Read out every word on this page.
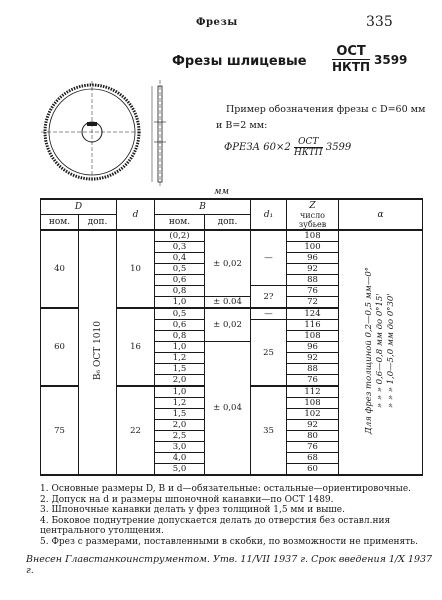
Фрезы	335
Фрезы шлицевые
ОСТ
НКТП 3599
Пример обозначения фрезы с D=60 мм
и B=2 мм:
ФРЕЗА $60\times 2 \frac{\text{ОСТ}}{\text{НКТП}} 3599$
мм
D		d	B		d₁	Z
число зубьев	α
ном.	доп.		ном.	доп.			
40	B₆ ОСТ 1010	10	(0,2)	± 0,02	—	108	Для фрез толщиной 0,2—0,5 мм—0° » » » 0,6—0,8 мм до 0°15' » » » 1,0—5,0 мм до 0°30'

			0,3			100	
			0,4			96	
			0,5			92	
			0,6			88	
			0,8		2?	76	
			1,0	± 0.04		72	
60		16	0,5	± 0,02	—	124	
			0,6		25	116	
			0,8			108	
			1,0	± 0,04		96	
			1,2			92	
			1,5			88	
			2,0			76	
75		22	1,0		35	112	
			1,2			108	
			1,5			102	
			2,0			92	
			2,5			80	
			3,0			76	
			4,0			68	
			5,0			60	

1. Основные размеры D, B и d—обязательные: остальные—ориентировочные.

2. Допуск на d и размеры шпоночной канавки—по ОСТ 1489.

3. Шпоночные канавки делать у фрез толщиной 1,5 мм и выше.

4. Боковое поднутрение допускается делать до отверстия без оставл.ния центрального утолщения.

5. Фрез с размерами, поставленными в скобки, по возможности не применять.

Внесен Главстанкоинструментом. Утв. 11/VII 1937 г. Срок введения 1/X 1937 г.
